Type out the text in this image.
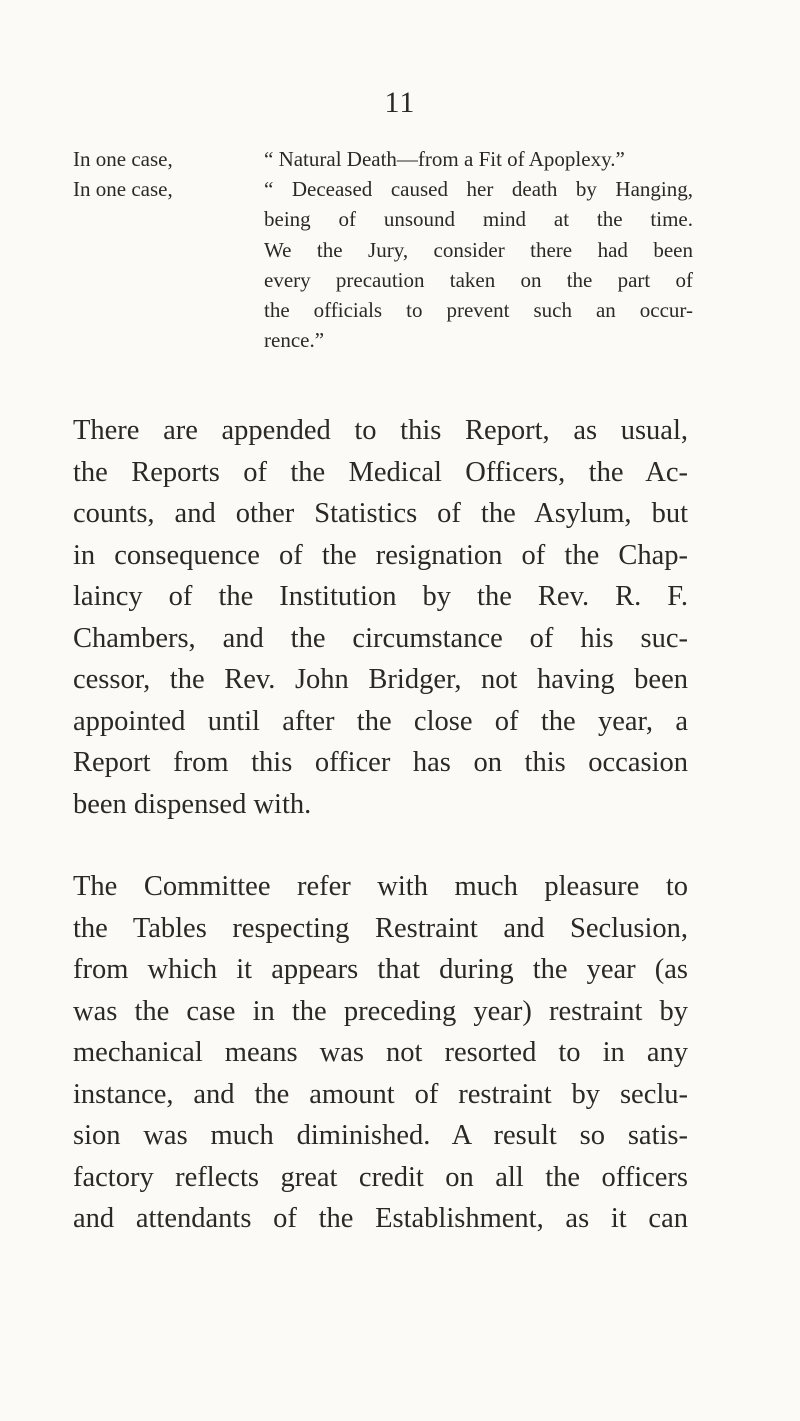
11
In one case,	“ Natural Death—from a Fit of Apoplexy.”
In one case,	“ Deceased caused her death by Hanging,
being of unsound mind at the time.
We the Jury, consider there had been
every precaution taken on the part of
the officials to prevent such an occur-
rence.”
There are appended to this Report, as usual,
the Reports of the Medical Officers, the Ac-
counts, and other Statistics of the Asylum, but
in consequence of the resignation of the Chap-
laincy of the Institution by the Rev. R. F.
Chambers, and the circumstance of his suc-
cessor, the Rev. John Bridger, not having been
appointed until after the close of the year, a
Report from this officer has on this occasion
been dispensed with.
The Committee refer with much pleasure to
the Tables respecting Restraint and Seclusion,
from which it appears that during the year (as
was the case in the preceding year) restraint by
mechanical means was not resorted to in any
instance, and the amount of restraint by seclu-
sion was much diminished. A result so satis-
factory reflects great credit on all the officers
and attendants of the Establishment, as it can
